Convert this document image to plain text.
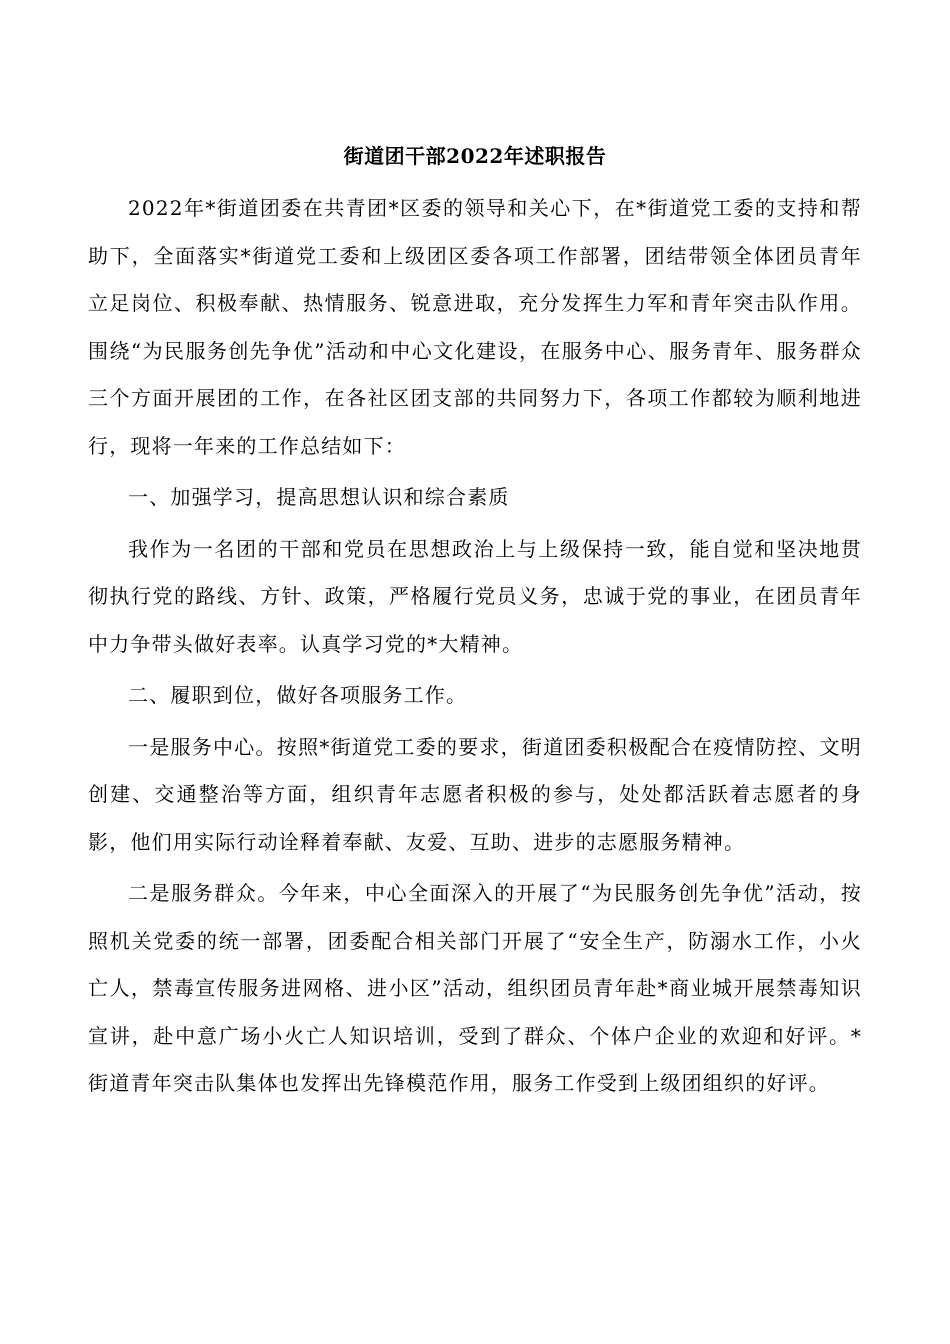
街道团干部2022年述职报告

2022年*街道团委在共青团*区委的领导和关心下，在*街道党工委的支持和帮助下，全面落实*街道党工委和上级团区委各项工作部署，团结带领全体团员青年立足岗位、积极奉献、热情服务、锐意进取，充分发挥生力军和青年突击队作用。围绕“为民服务创先争优”活动和中心文化建设，在服务中心、服务青年、服务群众三个方面开展团的工作，在各社区团支部的共同努力下，各项工作都较为顺利地进行，现将一年来的工作总结如下：

一、加强学习，提高思想认识和综合素质

我作为一名团的干部和党员在思想政治上与上级保持一致，能自觉和坚决地贯彻执行党的路线、方针、政策，严格履行党员义务，忠诚于党的事业，在团员青年中力争带头做好表率。认真学习党的*大精神。

二、履职到位，做好各项服务工作。

一是服务中心。按照*街道党工委的要求，街道团委积极配合在疫情防控、文明创建、交通整治等方面，组织青年志愿者积极的参与，处处都活跃着志愿者的身影，他们用实际行动诠释着奉献、友爱、互助、进步的志愿服务精神。

二是服务群众。今年来，中心全面深入的开展了“为民服务创先争优”活动，按照机关党委的统一部署，团委配合相关部门开展了“安全生产，防溺水工作，小火亡人，禁毒宣传服务进网格、进小区”活动，组织团员青年赴*商业城开展禁毒知识宣讲，赴中意广场小火亡人知识培训，受到了群众、个体户企业的欢迎和好评。*街道青年突击队集体也发挥出先锋模范作用，服务工作受到上级团组织的好评。
